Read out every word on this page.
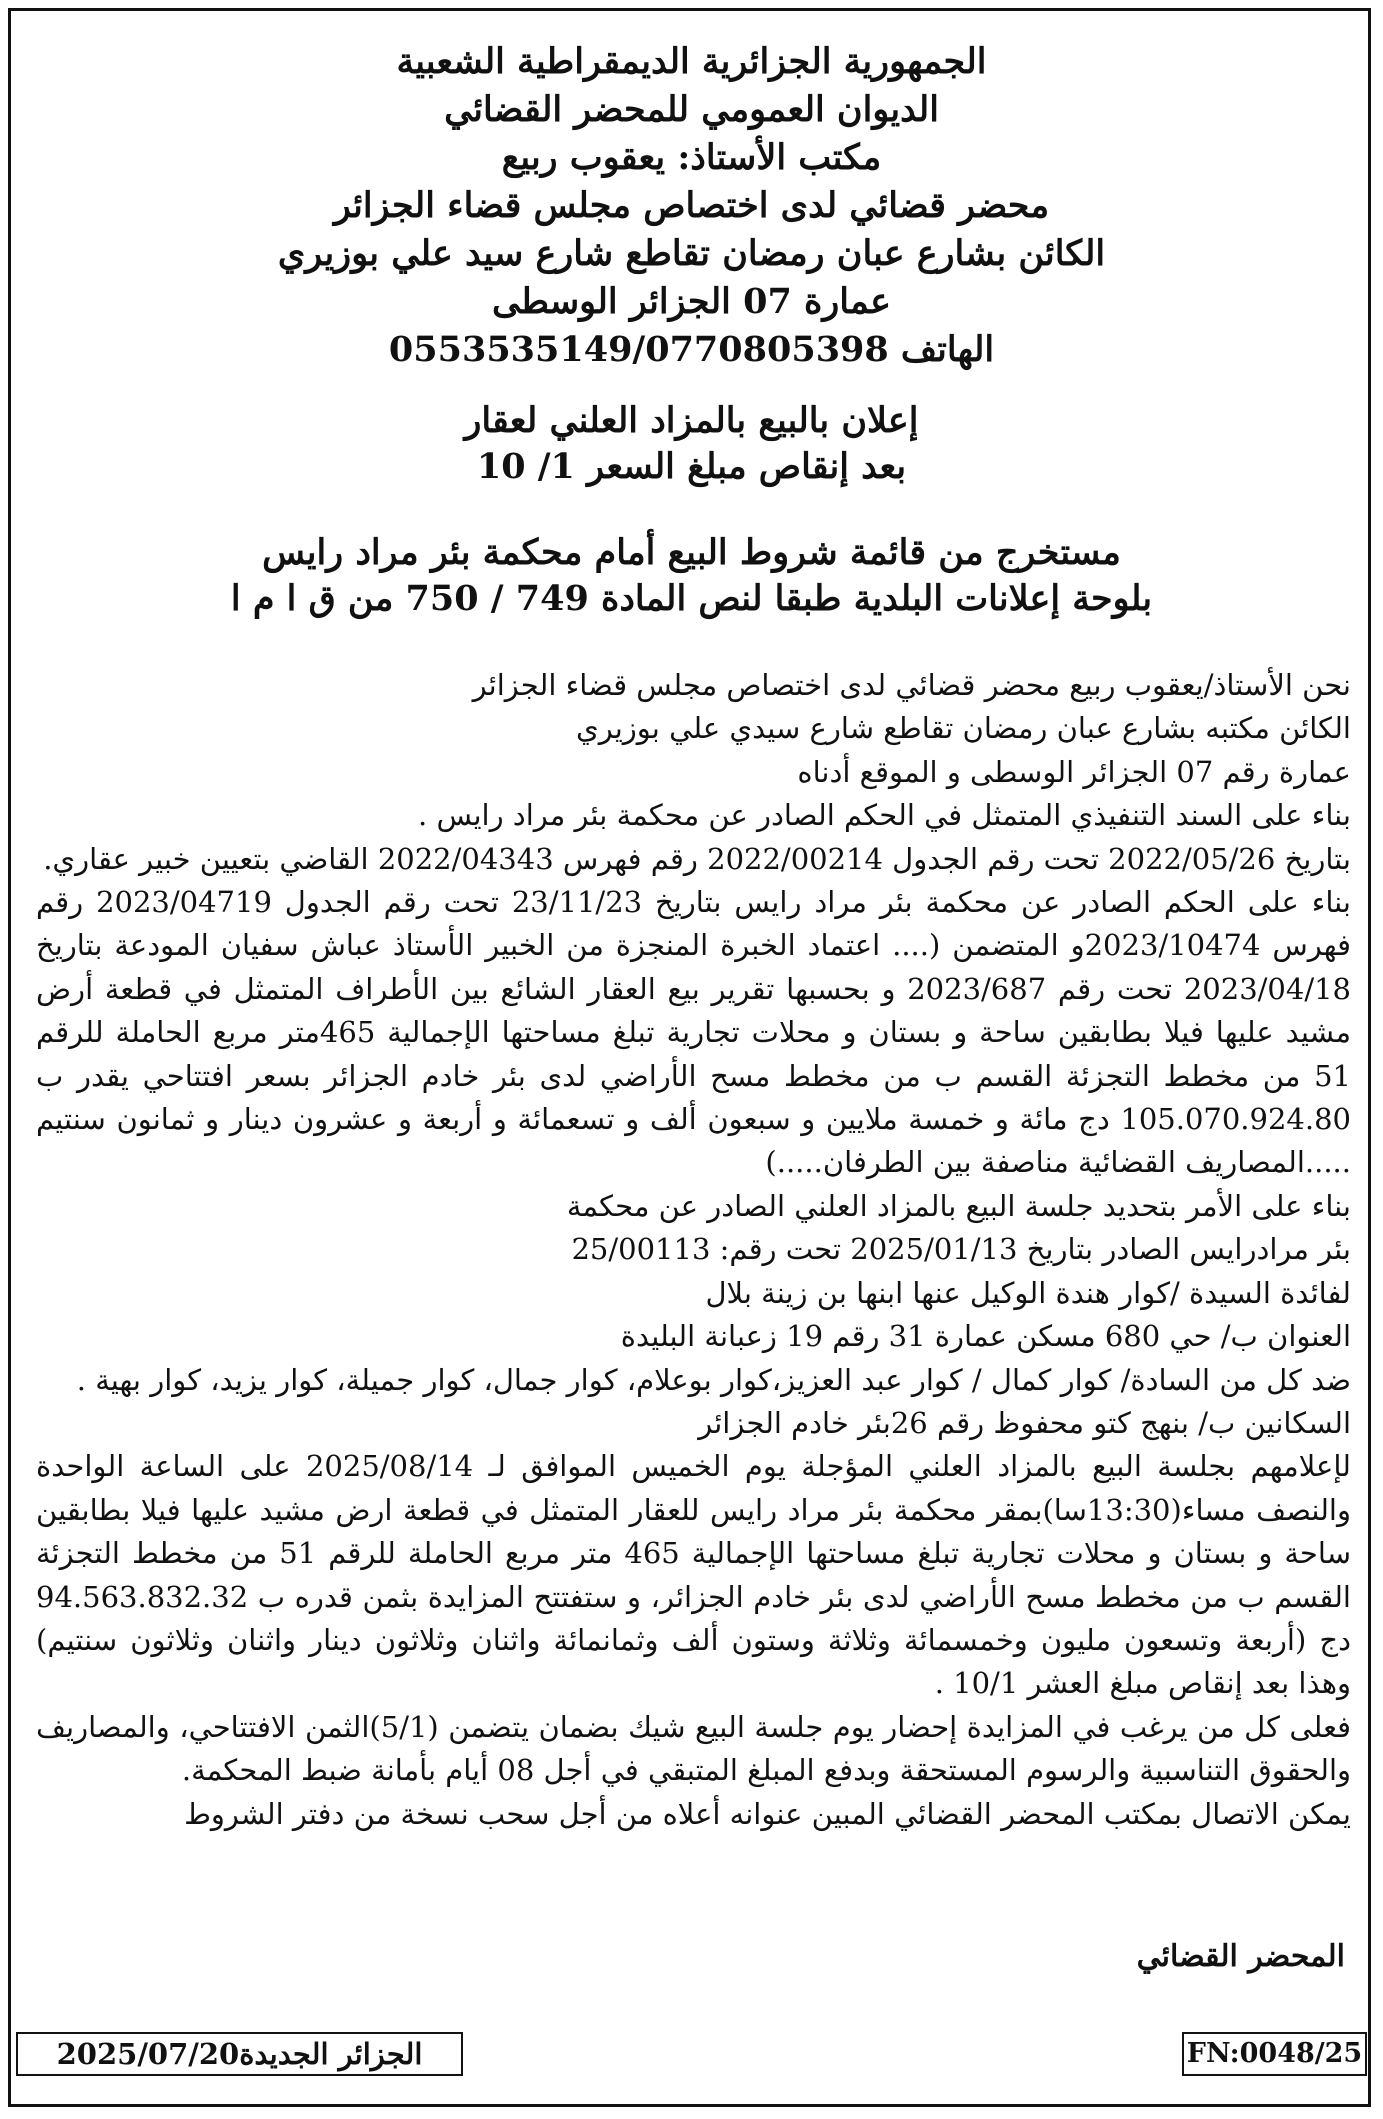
الجمهورية الجزائرية الديمقراطية الشعبية
الديوان العمومي للمحضر القضائي
مكتب الأستاذ: يعقوب ربيع
محضر قضائي لدى اختصاص مجلس قضاء الجزائر
الكائن بشارع عبان رمضان تقاطع شارع سيد علي بوزيري
عمارة 07 الجزائر الوسطى
الهاتف 0553535149/0770805398
إعلان بالبيع بالمزاد العلني لعقار
بعد إنقاص مبلغ السعر 1/ 10
مستخرج من قائمة شروط البيع أمام محكمة بئر مراد رايس
بلوحة إعلانات البلدية طبقا لنص المادة 749 / 750 من ق ا م ا

نحن الأستاذ/يعقوب ربيع محضر قضائي لدى اختصاص مجلس قضاء الجزائر

الكائن مكتبه بشارع عبان رمضان تقاطع شارع سيدي علي بوزيري

عمارة رقم 07 الجزائر الوسطى و الموقع أدناه

بناء على السند التنفيذي المتمثل في الحكم الصادر عن محكمة بئر مراد رايس .

بتاريخ 2022/05/26 تحت رقم الجدول 2022/00214 رقم فهرس 2022/04343 القاضي بتعيين خبير عقاري.

بناء على الحكم الصادر عن محكمة بئر مراد رايس بتاريخ 23/11/23 تحت رقم الجدول 2023/04719 رقم فهرس 2023/10474و المتضمن (.... اعتماد الخبرة المنجزة من الخبير الأستاذ عباش سفيان المودعة بتاريخ 2023/04/18 تحت رقم 2023/687 و بحسبها تقرير بيع العقار الشائع بين الأطراف المتمثل في قطعة أرض مشيد عليها فيلا بطابقين ساحة و بستان و محلات تجارية تبلغ مساحتها الإجمالية 465متر مربع الحاملة للرقم 51 من مخطط التجزئة القسم ب من مخطط مسح الأراضي لدى بئر خادم الجزائر بسعر افتتاحي يقدر ب 105.070.924.80 دج مائة و خمسة ملايين و سبعون ألف و تسعمائة و أربعة و عشرون دينار و ثمانون سنتيم .....المصاريف القضائية مناصفة بين الطرفان.....)

بناء على الأمر بتحديد جلسة البيع بالمزاد العلني الصادر عن محكمة

بئر مرادرايس الصادر بتاريخ 2025/01/13 تحت رقم: 25/00113

لفائدة السيدة /كوار هندة الوكيل عنها ابنها بن زينة بلال

العنوان ب/ حي 680 مسكن عمارة 31 رقم 19 زعبانة البليدة

ضد كل من السادة/ كوار كمال / كوار عبد العزيز،كوار بوعلام، كوار جمال، كوار جميلة، كوار يزيد، كوار بهية .

السكانين ب/ بنهج كتو محفوظ رقم 26بئر خادم الجزائر

لإعلامهم بجلسة البيع بالمزاد العلني المؤجلة يوم الخميس الموافق لـ 2025/08/14 على الساعة الواحدة والنصف مساء(13:30سا)بمقر محكمة بئر مراد رايس للعقار المتمثل في قطعة ارض مشيد عليها فيلا بطابقين ساحة و بستان و محلات تجارية تبلغ مساحتها الإجمالية 465 متر مربع الحاملة للرقم 51 من مخطط التجزئة القسم ب من مخطط مسح الأراضي لدى بئر خادم الجزائر، و ستفتتح المزايدة بثمن قدره ب 94.563.832.32 دج (أربعة وتسعون مليون وخمسمائة وثلاثة وستون ألف وثمانمائة واثنان وثلاثون دينار واثنان وثلاثون سنتيم) وهذا بعد إنقاص مبلغ العشر 10/1 .

فعلى كل من يرغب في المزايدة إحضار يوم جلسة البيع شيك بضمان يتضمن (5/1)الثمن الافتتاحي، والمصاريف والحقوق التناسبية والرسوم المستحقة وبدفع المبلغ المتبقي في أجل 08 أيام بأمانة ضبط المحكمة.

يمكن الاتصال بمكتب المحضر القضائي المبين عنوانه أعلاه من أجل سحب نسخة من دفتر الشروط

المحضر القضائي
الجزائر الجديدة2025/07/20	FN:0048/25
